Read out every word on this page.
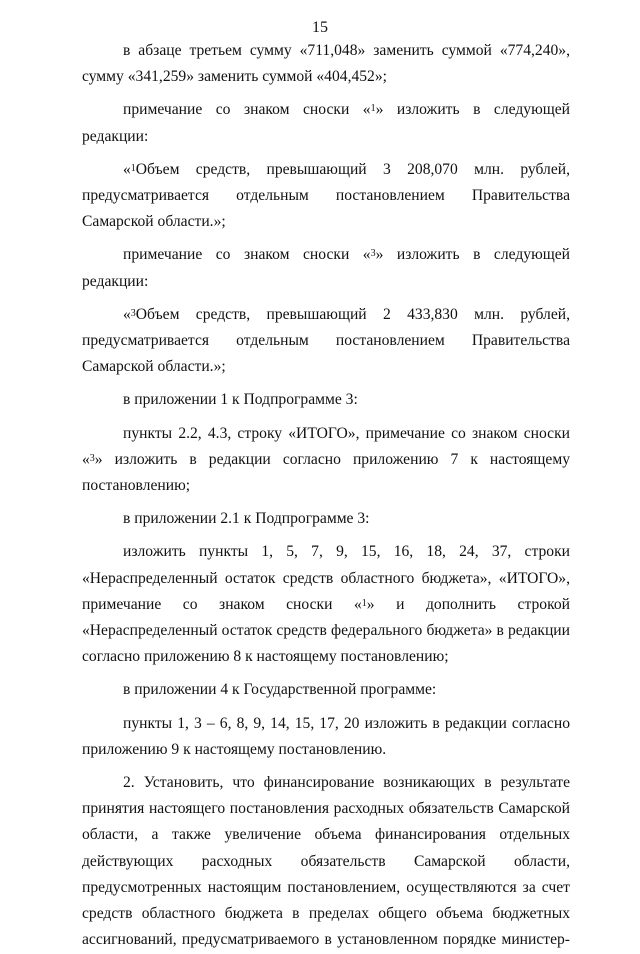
15

в абзаце третьем сумму «711,048» заменить суммой «774,240», сумму «341,259» заменить суммой «404,452»;

примечание со знаком сноски «$^1$» изложить в следующей редакции:

«$^1$Объем средств, превышающий 3 208,070 млн. рублей, предусматривается отдельным постановлением Правительства Самарской области.»;

примечание со знаком сноски «$^3$» изложить в следующей редакции:

«$^3$Объем средств, превышающий 2 433,830 млн. рублей, предусматривается отдельным постановлением Правительства Самарской области.»;

в приложении 1 к Подпрограмме 3:

пункты 2.2, 4.3, строку «ИТОГО», примечание со знаком сноски «$^3$» изложить в редакции согласно приложению 7 к настоящему постановлению;

в приложении 2.1 к Подпрограмме 3:

изложить пункты 1, 5, 7, 9, 15, 16, 18, 24, 37, строки «Нераспределенный остаток средств областного бюджета», «ИТОГО», примечание со знаком сноски «$^1$» и дополнить строкой «Нераспределенный остаток средств федерального бюджета» в редакции согласно приложению 8 к настоящему постановлению;

в приложении 4 к Государственной программе:

пункты 1, 3 – 6, 8, 9, 14, 15, 17, 20 изложить в редакции согласно приложению 9 к настоящему постановлению.

2. Установить, что финансирование возникающих в результате принятия настоящего постановления расходных обязательств Самарской области, а также увеличение объема финансирования отдельных действующих расходных обязательств Самарской области, предусмотренных настоящим постановлением, осуществляются за счет средств областного бюджета в пределах общего объема бюджетных ассигнований, предусматриваемого в установленном порядке министер-
